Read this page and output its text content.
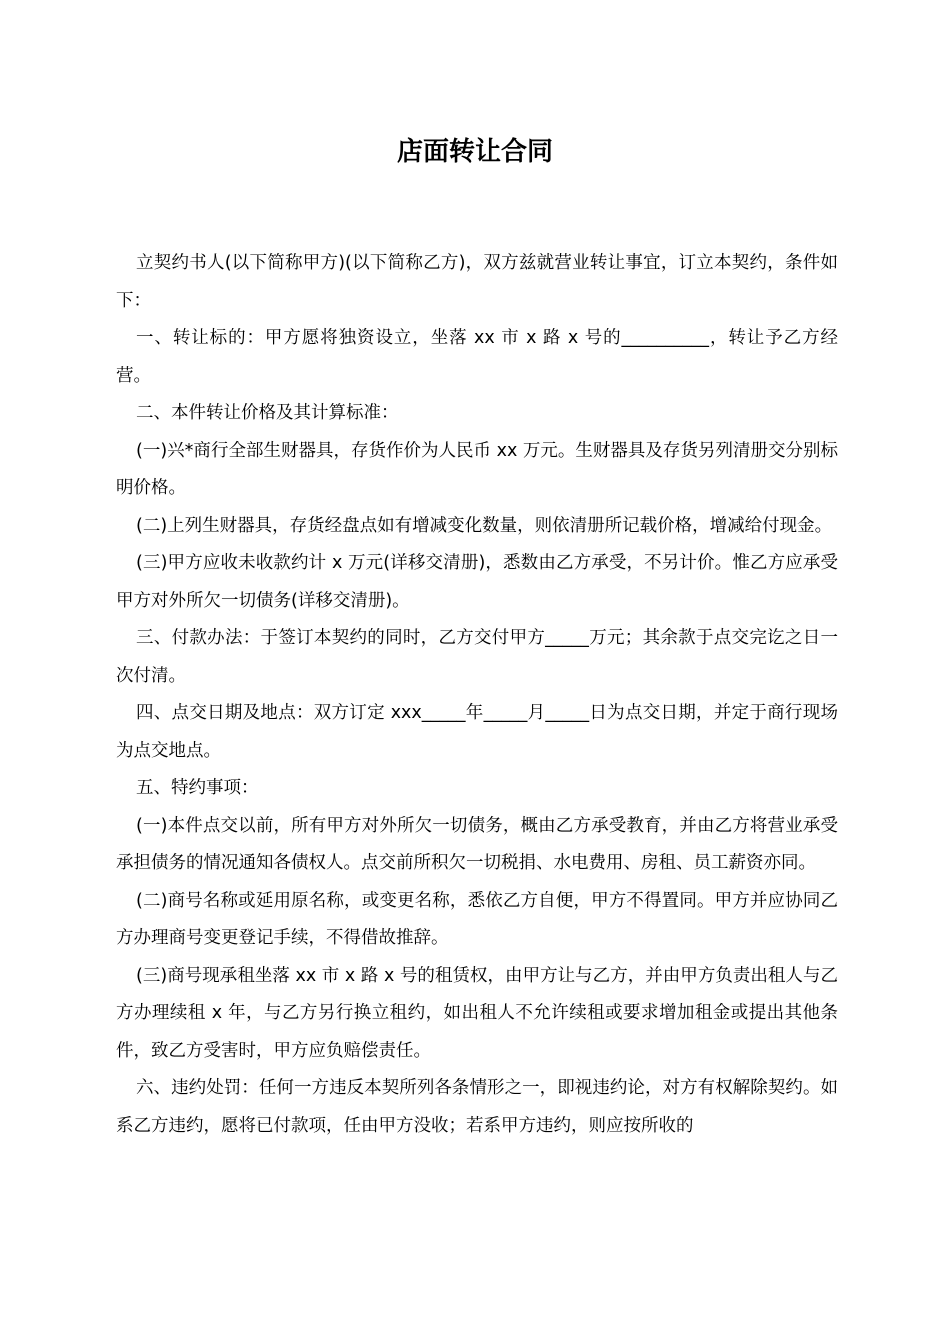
店面转让合同

立契约书人(以下简称甲方)(以下简称乙方)，双方兹就营业转让事宜，订立本契约，条件如下：

一、转让标的：甲方愿将独资设立，坐落 xx 市 x 路 x 号的__________，转让予乙方经营。

二、本件转让价格及其计算标准：

(一)兴*商行全部生财器具，存货作价为人民币 xx 万元。生财器具及存货另列清册交分别标明价格。

(二)上列生财器具，存货经盘点如有增减变化数量，则依清册所记载价格，增减给付现金。

(三)甲方应收未收款约计 x 万元(详移交清册)，悉数由乙方承受，不另计价。惟乙方应承受甲方对外所欠一切债务(详移交清册)。

三、付款办法：于签订本契约的同时，乙方交付甲方_____万元；其余款于点交完讫之日一次付清。

四、点交日期及地点：双方订定 xxx_____年_____月_____日为点交日期，并定于商行现场为点交地点。

五、特约事项：

(一)本件点交以前，所有甲方对外所欠一切债务，概由乙方承受教育，并由乙方将营业承受承担债务的情况通知各债权人。点交前所积欠一切税捐、水电费用、房租、员工薪资亦同。

(二)商号名称或延用原名称，或变更名称，悉依乙方自便，甲方不得置同。甲方并应协同乙方办理商号变更登记手续，不得借故推辞。

(三)商号现承租坐落 xx 市 x 路 x 号的租赁权，由甲方让与乙方，并由甲方负责出租人与乙方办理续租 x 年，与乙方另行换立租约，如出租人不允许续租或要求增加租金或提出其他条件，致乙方受害时，甲方应负赔偿责任。

六、违约处罚：任何一方违反本契所列各条情形之一，即视违约论，对方有权解除契约。如系乙方违约，愿将已付款项，任由甲方没收；若系甲方违约，则应按所收的
